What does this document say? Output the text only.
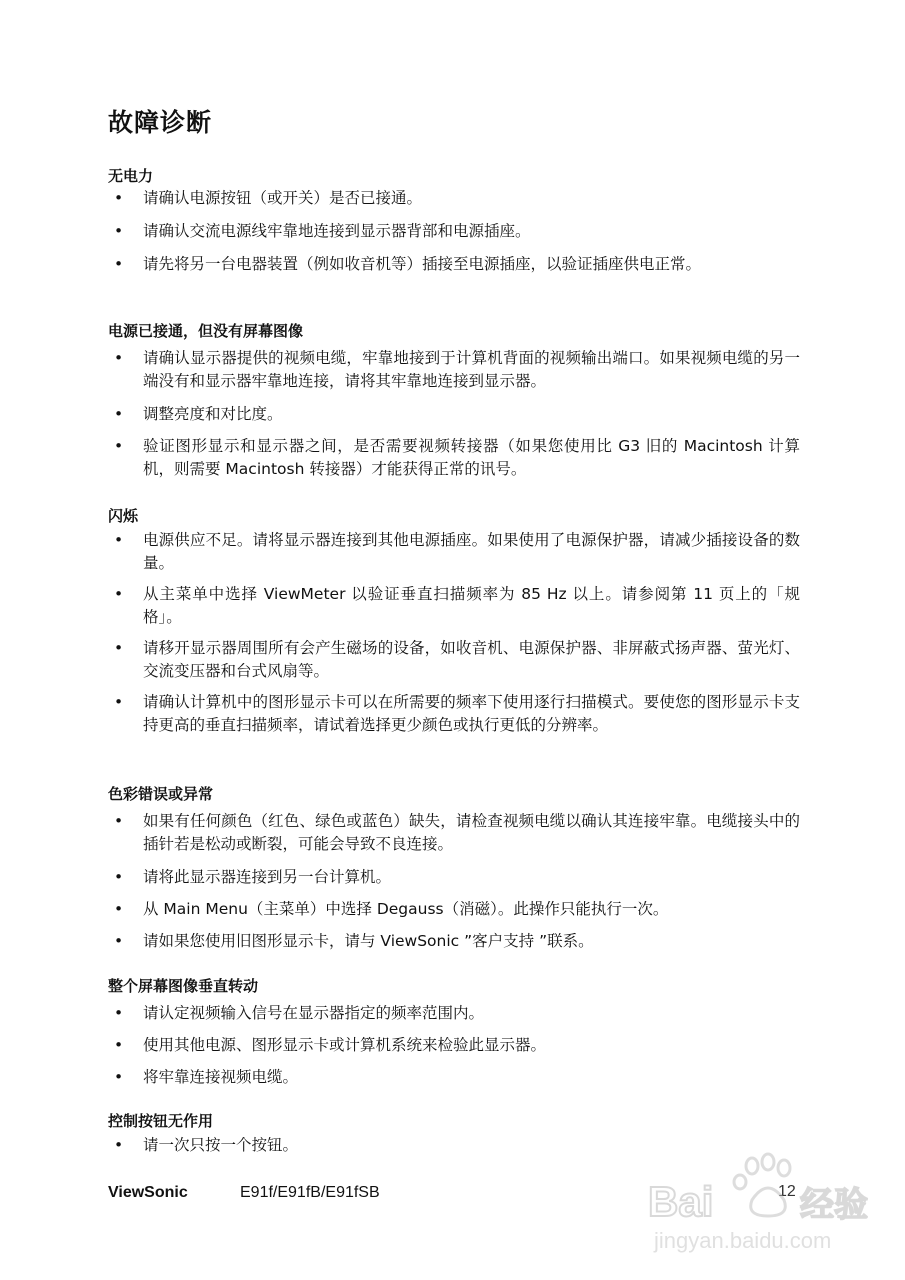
故障诊断
无电力
•	请确认电源按钮（或开关）是否已接通。
•	请确认交流电源线牢靠地连接到显示器背部和电源插座。
•	请先将另一台电器装置（例如收音机等）插接至电源插座，以验证插座供电正常。
电源已接通，但没有屏幕图像
•	请确认显示器提供的视频电缆，牢靠地接到于计算机背面的视频输出端口。如果视频电缆的另一端没有和显示器牢靠地连接，请将其牢靠地连接到显示器。
•	调整亮度和对比度。
•	验证图形显示和显示器之间，是否需要视频转接器（如果您使用比 G3 旧的 Macintosh 计算机，则需要 Macintosh 转接器）才能获得正常的讯号。
闪烁
•	电源供应不足。请将显示器连接到其他电源插座。如果使用了电源保护器，请减少插接设备的数量。
•	从主菜单中选择 ViewMeter 以验证垂直扫描频率为 85 Hz 以上。请参阅第 11 页上的「规格」。
•	请移开显示器周围所有会产生磁场的设备，如收音机、电源保护器、非屏蔽式扬声器、萤光灯、交流变压器和台式风扇等。
•	请确认计算机中的图形显示卡可以在所需要的频率下使用逐行扫描模式。要使您的图形显示卡支持更高的垂直扫描频率，请试着选择更少颜色或执行更低的分辨率。
色彩错误或异常
•	如果有任何颜色（红色、绿色或蓝色）缺失，请检查视频电缆以确认其连接牢靠。电缆接头中的插针若是松动或断裂，可能会导致不良连接。
•	请将此显示器连接到另一台计算机。
•	从 Main Menu（主菜单）中选择 Degauss（消磁）。此操作只能执行一次。
•	请如果您使用旧图形显示卡，请与 ViewSonic ”客户支持 ”联系。
整个屏幕图像垂直转动
•	请认定视频输入信号在显示器指定的频率范围内。
•	使用其他电源、图形显示卡或计算机系统来检验此显示器。
•	将牢靠连接视频电缆。
控制按钮无作用
•	请一次只按一个按钮。
ViewSonic	E91f/E91fB/E91fSB	12
Bai	经验
jingyan.baidu.com
